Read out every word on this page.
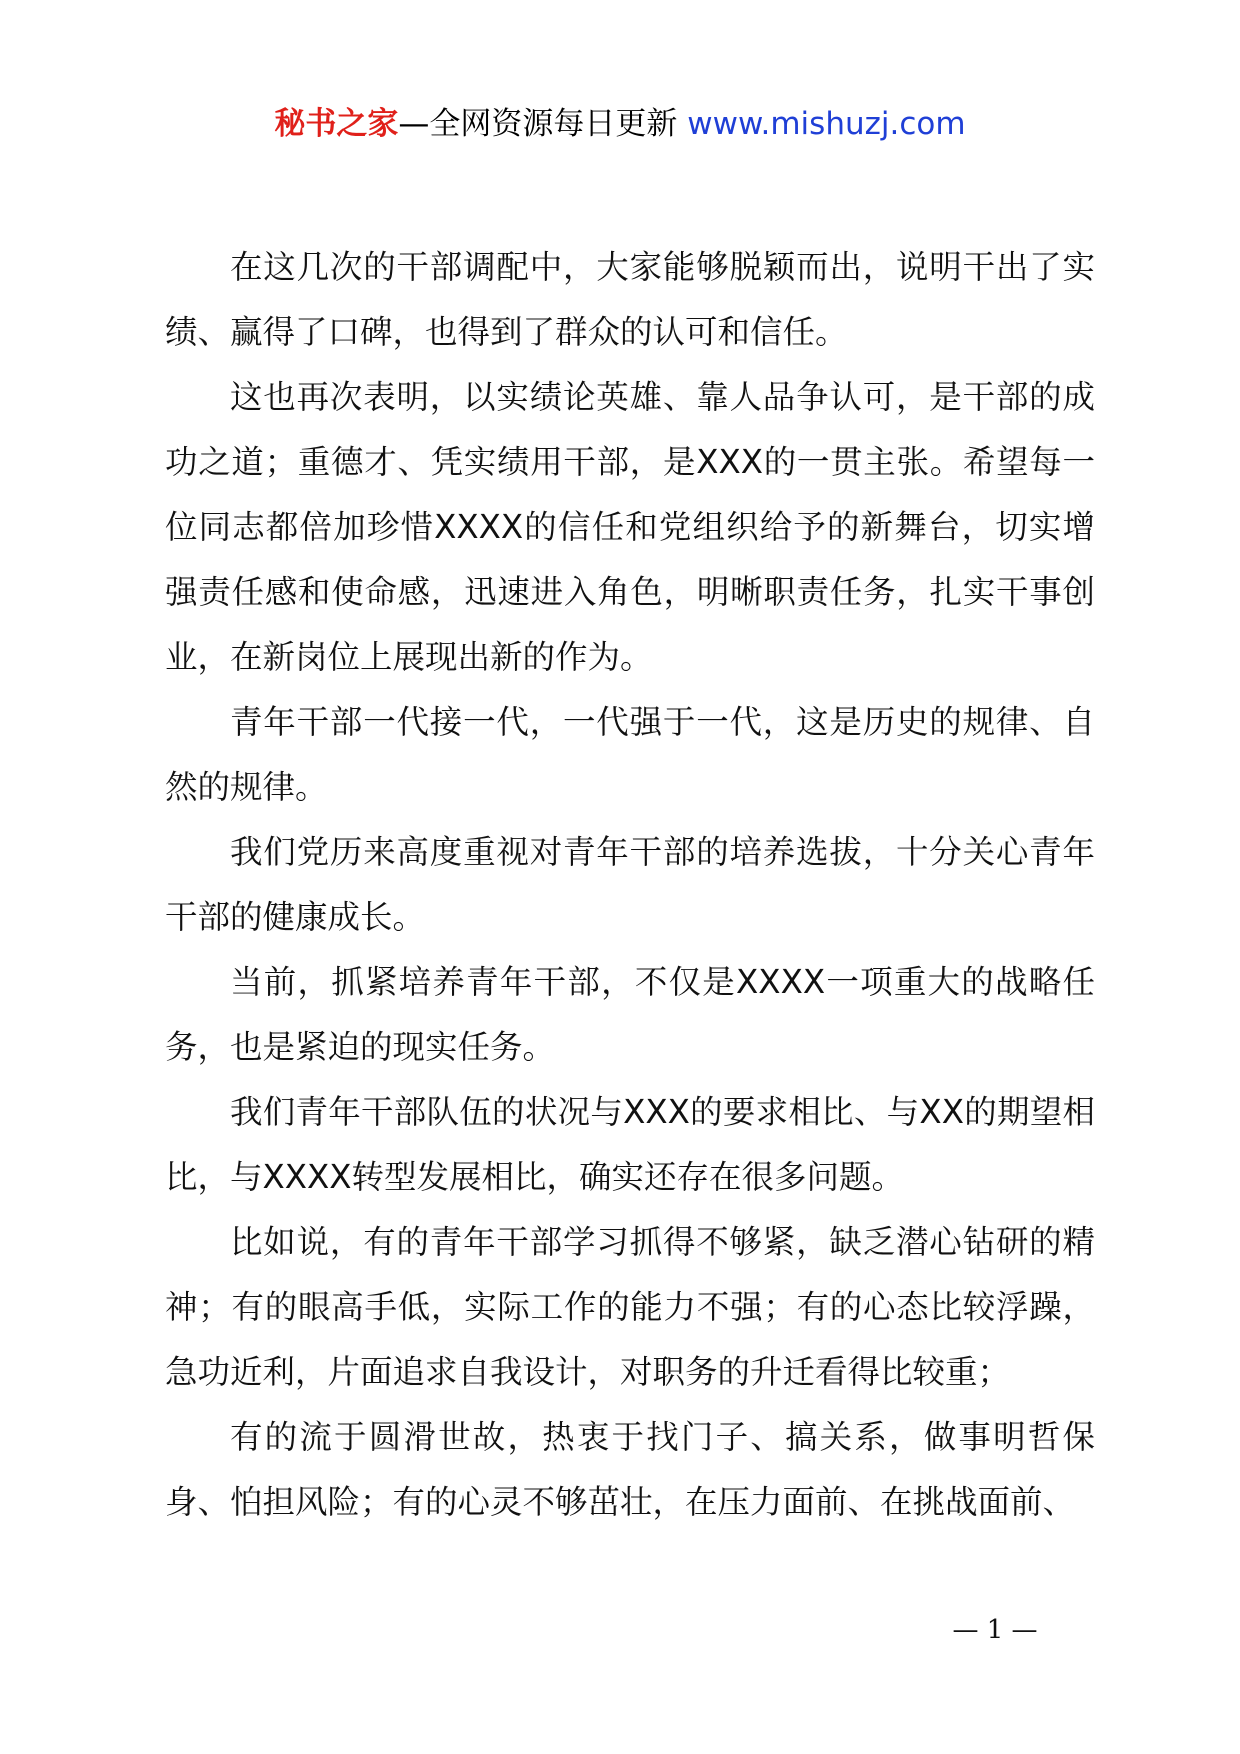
秘书之家—全网资源每日更新 www.mishuzj.com

在这几次的干部调配中，大家能够脱颖而出，说明干出了实绩、赢得了口碑，也得到了群众的认可和信任。

这也再次表明，以实绩论英雄、靠人品争认可，是干部的成功之道；重德才、凭实绩用干部，是XXX的一贯主张。希望每一位同志都倍加珍惜XXXX的信任和党组织给予的新舞台，切实增强责任感和使命感，迅速进入角色，明晰职责任务，扎实干事创业，在新岗位上展现出新的作为。

青年干部一代接一代，一代强于一代，这是历史的规律、自然的规律。

我们党历来高度重视对青年干部的培养选拔，十分关心青年干部的健康成长。

当前，抓紧培养青年干部，不仅是XXXX一项重大的战略任务，也是紧迫的现实任务。

我们青年干部队伍的状况与XXX的要求相比、与XX的期望相比，与XXXX转型发展相比，确实还存在很多问题。

比如说，有的青年干部学习抓得不够紧，缺乏潜心钻研的精神；有的眼高手低，实际工作的能力不强；有的心态比较浮躁，急功近利，片面追求自我设计，对职务的升迁看得比较重；

有的流于圆滑世故，热衷于找门子、搞关系，做事明哲保身、怕担风险；有的心灵不够茁壮，在压力面前、在挑战面前、

— 1 —
